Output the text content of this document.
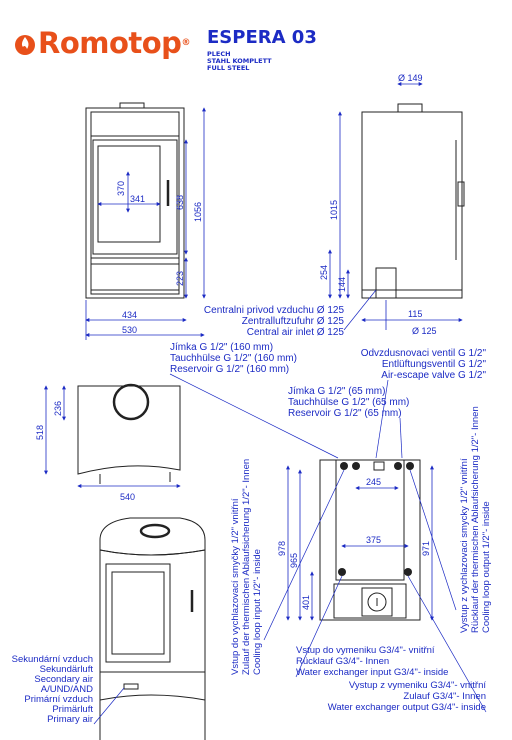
Romotop® ESPERA 03
PLECH
STAHL KOMPLETT
FULL STEEL
370
341	638 1056
223
434
530
Ø 149
1015
254
144
115
Ø 125
Centralni privod vzduchu Ø 125
Zentralluftzufuhr Ø 125
Central air inlet Ø 125
Jímka G 1/2" (160 mm)
Tauchhülse G 1/2" (160 mm)
Reservoir G 1/2" (160 mm)
Odvzdusnovaci ventil G 1/2"
Entlüftungsventil G 1/2"
Air-escape valve G 1/2"
Jímka G 1/2" (65 mm)
Tauchhülse G 1/2" (65 mm)
Reservoir G 1/2" (65 mm)
236
518
540
245
375
978
965
401
971
Vstup do vychlazovací smyčky 1/2" vnitřní Zulauf der thermischen Ablaufsicherung 1/2"- Innen Cooling loop input 1/2"- inside	Vystup z vychlazovaci smycky 1/2" vnitřní Rücklauf der thermischen Ablaufsicherung 1/2"- Innen Cooling loop output 1/2"- inside
Sekundární vzduch
Sekundärluft
Secondary air
A/UND/AND
Primární vzduch
Primärluft
Primary air
Vstup do vymeniku G3/4"- vnitřní
Rücklauf G3/4"- Innen
Water exchanger input G3/4"- inside
Vystup z vymeniku G3/4"- vnitřní
Zulauf G3/4"- Innen
Water exchanger output G3/4"- inside
